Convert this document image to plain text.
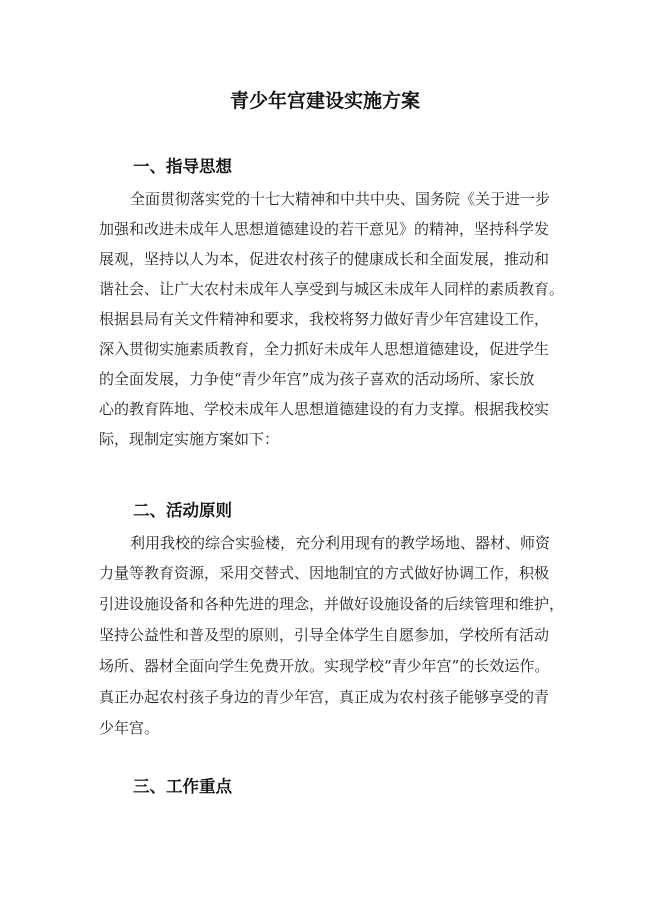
青少年宫建设实施方案
一、指导思想
全面贯彻落实党的十七大精神和中共中央、国务院《关于进一步
加强和改进未成年人思想道德建设的若干意见》的精神，坚持科学发
展观，坚持以人为本，促进农村孩子的健康成长和全面发展，推动和
谐社会、让广大农村未成年人享受到与城区未成年人同样的素质教育。
根据县局有关文件精神和要求，我校将努力做好青少年宫建设工作，
深入贯彻实施素质教育，全力抓好未成年人思想道德建设，促进学生
的全面发展，力争使“青少年宫”成为孩子喜欢的活动场所、家长放
心的教育阵地、学校未成年人思想道德建设的有力支撑。根据我校实
际，现制定实施方案如下：
二、活动原则
利用我校的综合实验楼，充分利用现有的教学场地、器材、师资
力量等教育资源，采用交替式、因地制宜的方式做好协调工作，积极
引进设施设备和各种先进的理念，并做好设施设备的后续管理和维护，
坚持公益性和普及型的原则，引导全体学生自愿参加，学校所有活动
场所、器材全面向学生免费开放。实现学校“青少年宫”的长效运作。
真正办起农村孩子身边的青少年宫，真正成为农村孩子能够享受的青
少年宫。
三、工作重点
